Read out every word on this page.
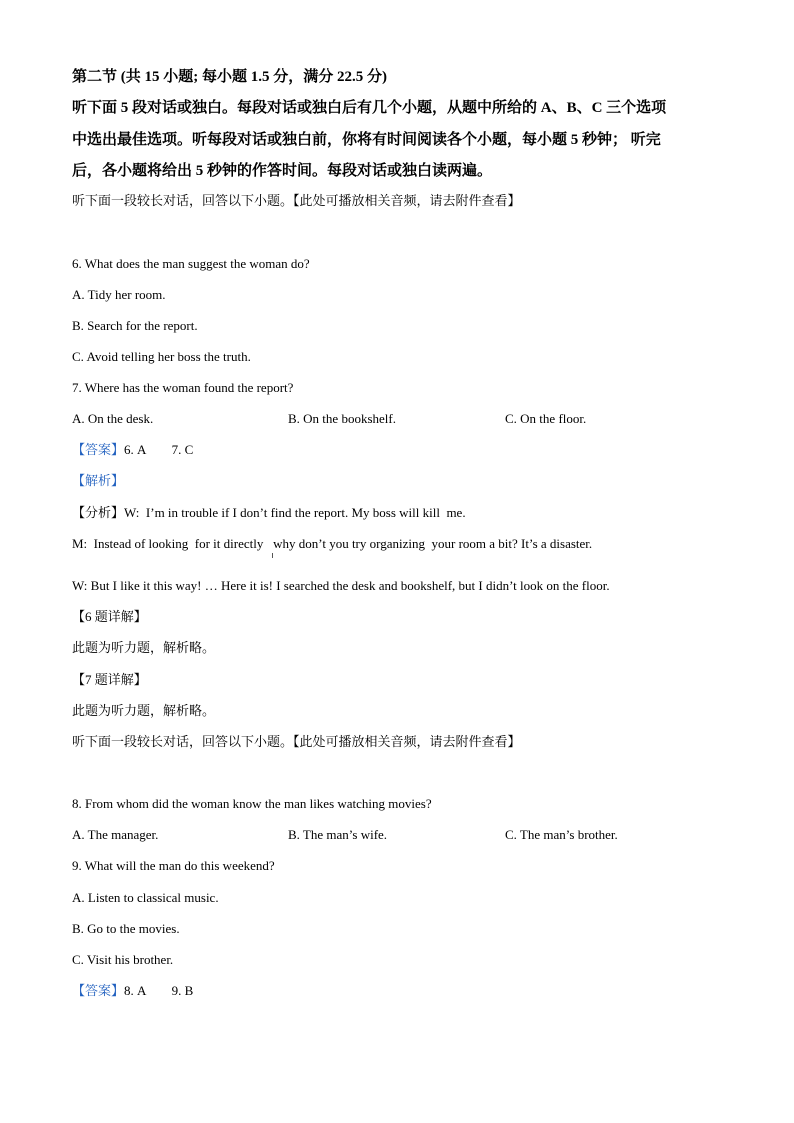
第二节 (共 15 小题; 每小题 1.5 分，满分 22.5 分)
听下面 5 段对话或独白。每段对话或独白后有几个小题，从题中所给的 A、B、C 三个选项
中选出最佳选项。听每段对话或独白前，你将有时间阅读各个小题，每小题 5 秒钟； 听完
后，各小题将给出 5 秒钟的作答时间。每段对话或独白读两遍。
听下面一段较长对话，回答以下小题。【此处可播放相关音频，请去附件查看】
6. What does the man suggest the woman do?
A. Tidy her room.
B. Search for the report.
C. Avoid telling her boss the truth.
7. Where has the woman found the report?
A. On the desk.	B. On the bookshelf.	C. On the floor.
【答案】6. A        7. C
【解析】
【分析】W:  I’m in trouble if I don’t find the report. My boss will kill  me.
M:  Instead of looking  for it directly   why don’t you try organizing  your room a bit? It’s a disaster.
W: But I like it this way! … Here it is! I searched the desk and bookshelf, but I didn’t look on the floor.
【6 题详解】
此题为听力题，解析略。
【7 题详解】
此题为听力题，解析略。
听下面一段较长对话，回答以下小题。【此处可播放相关音频，请去附件查看】
8. From whom did the woman know the man likes watching movies?
A. The manager.	B. The man’s wife.	C. The man’s brother.
9. What will the man do this weekend?
A. Listen to classical music.
B. Go to the movies.
C. Visit his brother.
【答案】8. A        9. B
